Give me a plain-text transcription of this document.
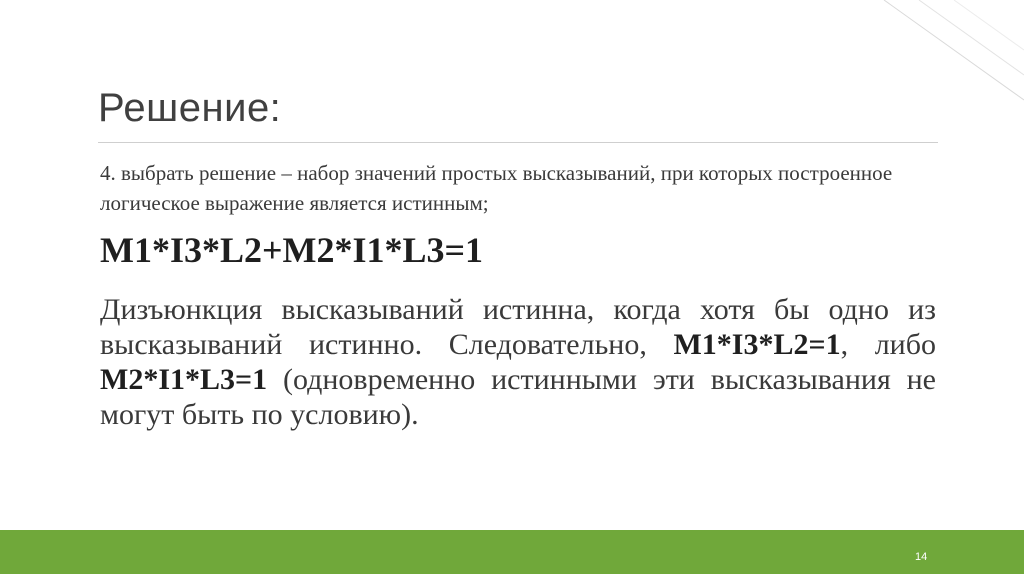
Решение:
4. выбрать решение – набор значений простых высказываний, при которых построенное логическое выражение является истинным;
M1*I3*L2+M2*I1*L3=1
Дизъюнкция высказываний истинна, когда хотя бы одно из высказываний истинно. Следовательно, M1*I3*L2=1, либо M2*I1*L3=1 (одновременно истинными эти высказывания не могут быть по условию).
14
